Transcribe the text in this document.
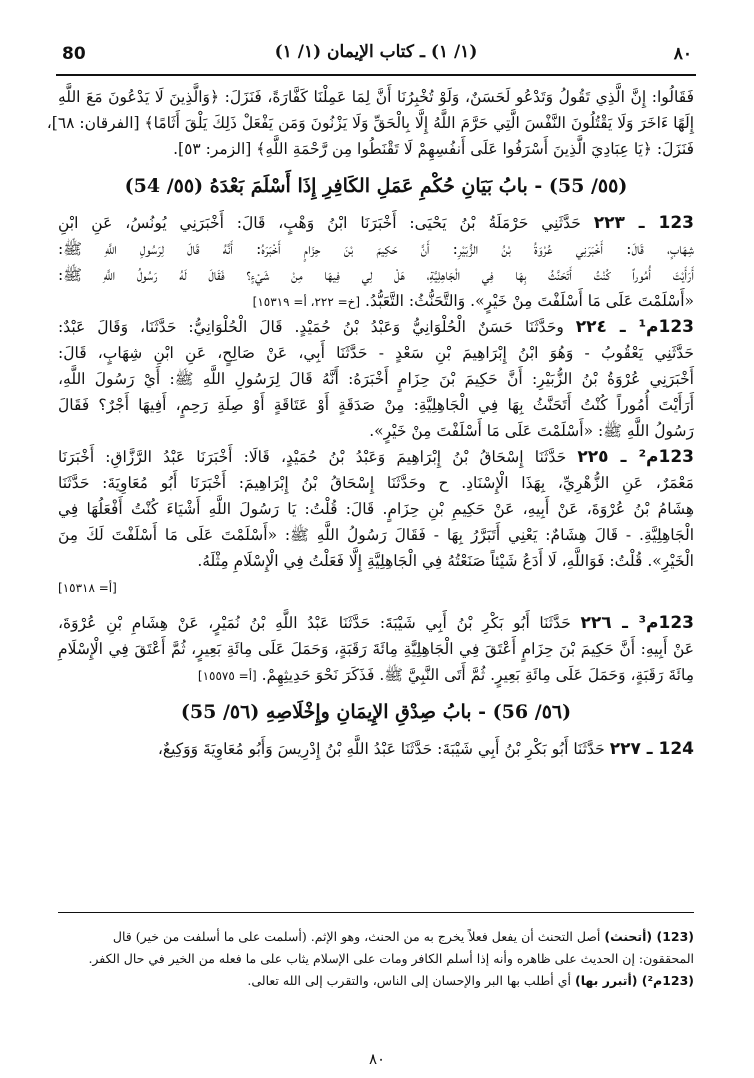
80	(١/ ١) ـ كتاب الإيمان (١/ ١)	٨٠
فَقَالُوا: إِنَّ الَّذِي تَقُولُ وَتَدْعُو لَحَسَنٌ، وَلَوْ تُخْبِرُنَا أَنَّ لِمَا عَمِلْنَا كَفَّارَةً، فَنَزَلَ: ﴿وَالَّذِينَ لَا يَدْعُونَ مَعَ اللَّهِ
إِلَهًا ءَاخَرَ وَلَا يَقْتُلُونَ النَّفْسَ الَّتِي حَرَّمَ اللَّهُ إِلَّا بِالْحَقِّ وَلَا يَزْنُونَ وَمَن يَفْعَلْ ذَلِكَ يَلْقَ أَثَامًا﴾ [الفرقان: ٦٨]،
فَنَزَلَ: ﴿يَا عِبَادِيَ الَّذِينَ أَسْرَفُوا عَلَى أَنفُسِهِمْ لَا تَقْنَطُوا مِن رَّحْمَةِ اللَّهِ﴾ [الزمر: ٥٣].
(٥٥/ 55) - بابُ بَيَانِ حُكْمِ عَمَلِ الكَافِرِ إِذَا أَسْلَمَ بَعْدَهُ (٥٥/ 54)
123 ـ ٢٢٣ حَدَّثَنِي حَرْمَلَةُ بْنُ يَحْيَى: أَخْبَرَنَا ابْنُ وَهْبٍ، قَالَ: أَخْبَرَنِي يُونُسُ، عَنِ ابْنِ
شِهَابٍ، قَالَ: أَخْبَرَنِي عُرْوَةُ بْنُ الزُّبَيْرِ: أَنَّ حَكِيمَ بْنَ حِزَامٍ أَخْبَرَهُ: أَنَّهُ قَالَ لِرَسُولِ اللَّهِ ﷺ:
أَرَأَيْتَ أُمُوراً كُنْتُ أَتَحَنَّثُ بِهَا فِي الْجَاهِلِيَّةِ، هَلْ لِي فِيهَا مِنْ شَيْءٍ؟ فَقَالَ لَهُ رَسُولُ اللَّهِ ﷺ:
«أَسْلَمْتَ عَلَى مَا أَسْلَفْتَ مِنْ خَيْرٍ». وَالتَّحَنُّثُ: التَّعَبُّدُ. [خ= ٢٢٢، أ= ١٥٣١٩]
123م¹ ـ ٢٢٤ وحَدَّثَنَا حَسَنٌ الْحُلْوَانِيُّ وَعَبْدُ بْنُ حُمَيْدٍ. قَالَ الْحُلْوَانِيُّ: حَدَّثَنَا، وَقَالَ عَبْدٌ:
حَدَّثَنِي يَعْقُوبُ - وَهُوَ ابْنُ إِبْرَاهِيمَ بْنِ سَعْدٍ - حَدَّثَنَا أَبِي، عَنْ صَالِحٍ، عَنِ ابْنِ شِهَابٍ، قَالَ:
أَخْبَرَنِي عُرْوَةُ بْنُ الزُّبَيْرِ: أَنَّ حَكِيمَ بْنَ حِزَامٍ أَخْبَرَهُ: أَنَّهُ قَالَ لِرَسُولِ اللَّهِ ﷺ: أَيْ رَسُولَ اللَّهِ،
أَرَأَيْتَ أُمُوراً كُنْتُ أَتَحَنَّثُ بِهَا فِي الْجَاهِلِيَّةِ: مِنْ صَدَقَةٍ أَوْ عَتَاقَةٍ أَوْ صِلَةِ رَحِمٍ، أَفِيهَا أَجْرٌ؟ فَقَالَ
رَسُولُ اللَّهِ ﷺ: «أَسْلَمْتَ عَلَى مَا أَسْلَفْتَ مِنْ خَيْرٍ».
123م² ـ ٢٢٥ حَدَّثَنَا إِسْحَاقُ بْنُ إِبْرَاهِيمَ وَعَبْدُ بْنُ حُمَيْدٍ، قَالَا: أَخْبَرَنَا عَبْدُ الرَّزَّاقِ: أَخْبَرَنَا
مَعْمَرٌ، عَنِ الزُّهْرِيِّ، بِهَذَا الْإِسْنَادِ. ح وحَدَّثَنَا إِسْحَاقُ بْنُ إِبْرَاهِيمَ: أَخْبَرَنَا أَبُو مُعَاوِيَةَ: حَدَّثَنَا
هِشَامُ بْنُ عُرْوَةَ، عَنْ أَبِيهِ، عَنْ حَكِيمِ بْنِ حِزَامٍ. قَالَ: قُلْتُ: يَا رَسُولَ اللَّهِ أَشْيَاءَ كُنْتُ أَفْعَلُهَا فِي
الْجَاهِلِيَّةِ. - قَالَ هِشَامٌ: يَعْنِي أَتَبَرَّرُ بِهَا - فَقَالَ رَسُولُ اللَّهِ ﷺ: «أَسْلَمْتَ عَلَى مَا أَسْلَفْتَ لَكَ مِنَ
الْخَيْرِ». قُلْتُ: فَوَاللَّهِ، لَا أَدَعُ شَيْئاً صَنَعْتُهُ فِي الْجَاهِلِيَّةِ إِلَّا فَعَلْتُ فِي الْإِسْلَامِ مِثْلَهُ.
[أ= ١٥٣١٨]
123م³ ـ ٢٢٦ حَدَّثَنَا أَبُو بَكْرِ بْنُ أَبِي شَيْبَةَ: حَدَّثَنَا عَبْدُ اللَّهِ بْنُ نُمَيْرٍ، عَنْ هِشَامِ بْنِ عُرْوَةَ،
عَنْ أَبِيهِ: أَنَّ حَكِيمَ بْنَ حِزَامٍ أَعْتَقَ فِي الْجَاهِلِيَّةِ مِائَةَ رَقَبَةٍ، وَحَمَلَ عَلَى مِائَةِ بَعِيرٍ، ثُمَّ أَعْتَقَ فِي الْإِسْلَامِ
مِائَةَ رَقَبَةٍ، وَحَمَلَ عَلَى مِائَةِ بَعِيرٍ. ثُمَّ أَتَى النَّبِيَّ ﷺ. فَذَكَرَ نَحْوَ حَدِيثِهِمْ. [أ= ١٥٥٧٥]
(٥٦/ 56) - بابُ صِدْقِ الإِيمَانِ وإِخْلَاصِهِ (٥٦/ 55)
124 ـ ٢٢٧ حَدَّثَنَا أَبُو بَكْرِ بْنُ أَبِي شَيْبَةَ: حَدَّثَنَا عَبْدُ اللَّهِ بْنُ إِدْرِيسَ وَأَبُو مُعَاوِيَةَ وَوَكِيعٌ،
(123) (أتحنث) أصل التحنث أن يفعل فعلاً يخرج به من الحنث، وهو الإثم. (أسلمت على ما أسلفت من خير) قال
المحققون: إن الحديث على ظاهره وأنه إذا أسلم الكافر ومات على الإسلام يثاب على ما فعله من الخير في حال الكفر.
(123م²) (أتبرر بها) أي أطلب بها البر والإحسان إلى الناس، والتقرب إلى الله تعالى.
٨٠
